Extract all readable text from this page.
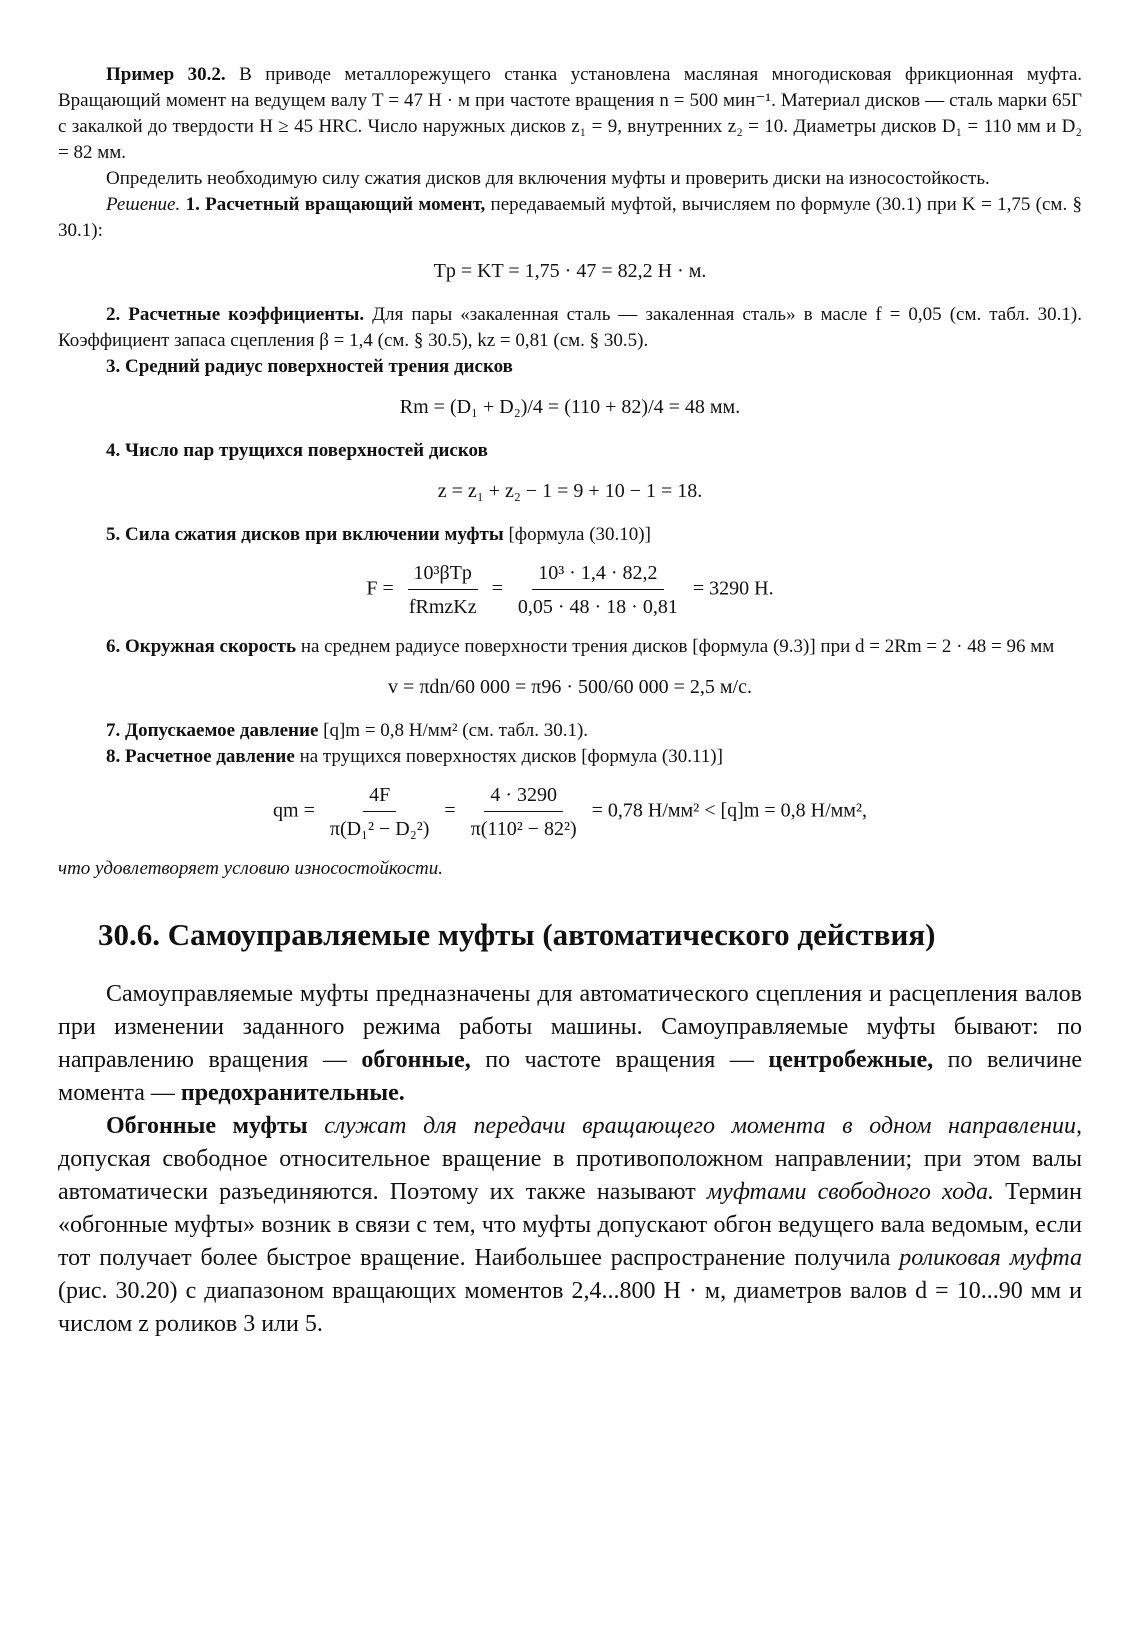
Пример 30.2. В приводе металлорежущего станка установлена масляная многодисковая фрикционная муфта. Вращающий момент на ведущем валу T = 47 Н · м при частоте вращения n = 500 мин⁻¹. Материал дисков — сталь марки 65Г с закалкой до твердости H ≥ 45 HRC. Число наружных дисков z₁ = 9, внутренних z₂ = 10. Диаметры дисков D₁ = 110 мм и D₂ = 82 мм.

Определить необходимую силу сжатия дисков для включения муфты и проверить диски на износостойкость.

Решение. 1. Расчетный вращающий момент, передаваемый муфтой, вычисляем по формуле (30.1) при K = 1,75 (см. § 30.1):

Tр = KT = 1,75 · 47 = 82,2 Н · м.

2. Расчетные коэффициенты. Для пары «закаленная сталь — закаленная сталь» в масле f = 0,05 (см. табл. 30.1). Коэффициент запаса сцепления β = 1,4 (см. § 30.5), kz = 0,81 (см. § 30.5).

3. Средний радиус поверхностей трения дисков

Rm = (D₁ + D₂)/4 = (110 + 82)/4 = 48 мм.

4. Число пар трущихся поверхностей дисков

z = z₁ + z₂ − 1 = 9 + 10 − 1 = 18.

5. Сила сжатия дисков при включении муфты [формула (30.10)]

$F = \frac{\text{10³βTр}}{\text{fRmzKz}} = \frac{\text{10³ · 1,4 · 82,2}}{0,05 \cdot 48 \cdot 18 \cdot 0,81} = 3290$ Н.

6. Окружная скорость на среднем радиусе поверхности трения дисков [формула (9.3)] при d = 2Rm = 2 · 48 = 96 мм

v = πdn/60 000 = π96 · 500/60 000 = 2,5 м/с.

7. Допускаемое давление [q]m = 0,8 Н/мм² (см. табл. 30.1).

8. Расчетное давление на трущихся поверхностях дисков [формула (30.11)]

qm = $\frac{4F}{\text{π(D₁² − D₂²)}} = \frac{4 \cdot 3290}{\text{π(110² − 82²)}} = 0,78$ Н/мм² < [q]m = 0,8 Н/мм²,

что удовлетворяет условию износостойкости.

30.6. Самоуправляемые муфты (автоматического действия)

Самоуправляемые муфты предназначены для автоматического сцепления и расцепления валов при изменении заданного режима работы машины. Самоуправляемые муфты бывают: по направлению вращения — обгонные, по частоте вращения — центробежные, по величине момента — предохранительные.

Обгонные муфты служат для передачи вращающего момента в одном направлении, допуская свободное относительное вращение в противоположном направлении; при этом валы автоматически разъединяются. Поэтому их также называют муфтами свободного хода. Термин «обгонные муфты» возник в связи с тем, что муфты допускают обгон ведущего вала ведомым, если тот получает более быстрое вращение. Наибольшее распространение получила роликовая муфта (рис. 30.20) с диапазоном вращающих моментов 2,4...800 Н · м, диаметров валов d = 10...90 мм и числом z роликов 3 или 5.
